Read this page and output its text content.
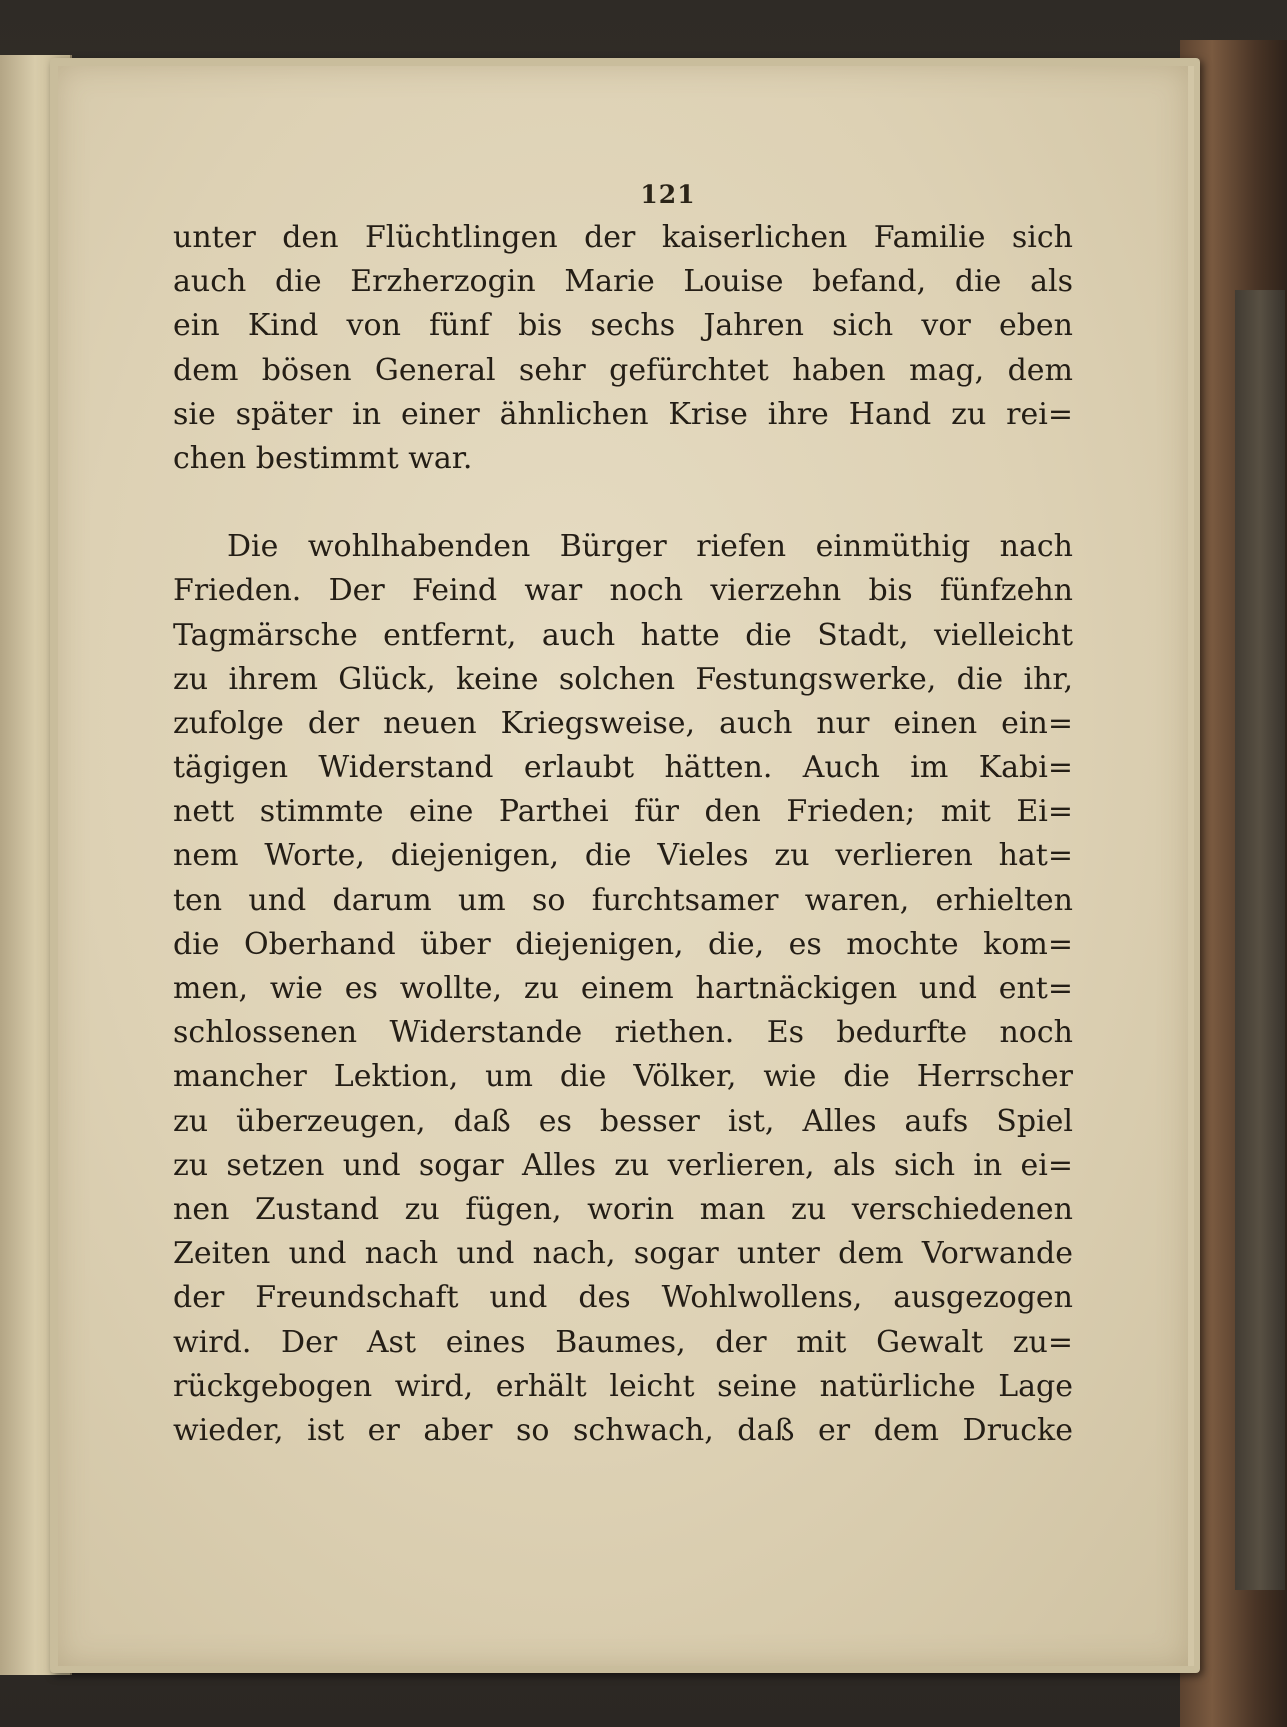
121
unter den Flüchtlingen der kaiserlichen Familie sich
auch die Erzherzogin Marie Louise befand, die als
ein Kind von fünf bis sechs Jahren sich vor eben
dem bösen General sehr gefürchtet haben mag, dem
sie später in einer ähnlichen Krise ihre Hand zu rei=
chen bestimmt war.
Die wohlhabenden Bürger riefen einmüthig nach
Frieden. Der Feind war noch vierzehn bis fünfzehn
Tagmärsche entfernt, auch hatte die Stadt, vielleicht
zu ihrem Glück, keine solchen Festungswerke, die ihr,
zufolge der neuen Kriegsweise, auch nur einen ein=
tägigen Widerstand erlaubt hätten. Auch im Kabi=
nett stimmte eine Parthei für den Frieden; mit Ei=
nem Worte, diejenigen, die Vieles zu verlieren hat=
ten und darum um so furchtsamer waren, erhielten
die Oberhand über diejenigen, die, es mochte kom=
men, wie es wollte, zu einem hartnäckigen und ent=
schlossenen Widerstande riethen. Es bedurfte noch
mancher Lektion, um die Völker, wie die Herrscher
zu überzeugen, daß es besser ist, Alles aufs Spiel
zu setzen und sogar Alles zu verlieren, als sich in ei=
nen Zustand zu fügen, worin man zu verschiedenen
Zeiten und nach und nach, sogar unter dem Vorwande
der Freundschaft und des Wohlwollens, ausgezogen
wird. Der Ast eines Baumes, der mit Gewalt zu=
rückgebogen wird, erhält leicht seine natürliche Lage
wieder, ist er aber so schwach, daß er dem Drucke
